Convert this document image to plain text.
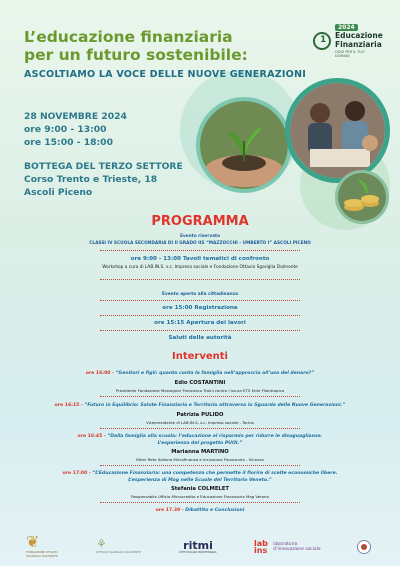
L’educazione finanziaria
per un futuro sostenibile:
ASCOLTIAMO LA VOCE DELLE NUOVE GENERAZIONI
2024
1 Educazione
Finanziaria
OGGI PER IL TUO DOMANI
28 NOVEMBRE 2024
ore 9:00 - 13:00
ore 15:00 - 18:00
BOTTEGA DEL TERZO SETTORE
Corso Trento e Trieste, 18
Ascoli Piceno
PROGRAMMA
Evento riservato
CLASSI IV SCUOLA SECONDARIA DI II GRADO IIS “MAZZOCCHI - UMBERTO I” ASCOLI PICENO
ore 9:00 - 13:00 Tavoli tematici di confronto
Workshop a cura di LAB.IN.S. s.c. Impresa sociale e Fondazione Ottavio Sgariglia Dalmonte
Evento aperto alla cittadinanza
ore 15:00 Registrazione
ore 15:15 Apertura dei lavori
Saluti delle autorità
Interventi
ore 16:00 - “Genitori e figli: quanto conta la famiglia nell’approccio all’uso del denaro?”
Edio COSTANTINI
Presidente Fondazione Monsignor Francesco Traini contro l’usura ETS Ente Filantropico
ore 16:15 - “Futuro in Equilibrio: Salute Finanziaria e Territorio attraverso lo Sguardo delle Nuove Generazioni.”
Patrizia PULIDO
Vicepresidente di LAB.IN.S. s.c. Impresa sociale - Torino
ore 16:45 - “Dalla famiglia alla scuola: l’educazione al risparmio per ridurre le disuguaglianze.
L’esperienza del progetto PUOI.”
Marianna MARTINO
Ritmi Rete Italiana Microfinanza e Inclusione Finanziaria - Vicenza
ore 17:00 - “L’Educazione Finanziaria: una competenza che permette il fiorire di scelte economiche libere.
L’esperienza di Mag nelle Scuole del Territorio Veneto.”
Stefania COLMELET
Responsabile Ufficio Microcredito e Educazione Finanziaria Mag Verona
ore 17.30 - Dibattito e Conclusioni
❦
FONDAZIONE OTTAVIO SGARIGLIA DALMONTE
⚘
OTTAVIO SGARIGLIA DALMONTE	ritmi
RETE ITALIANA MICROFINANZA
lab ins laboratorio d’innovazione sociale
